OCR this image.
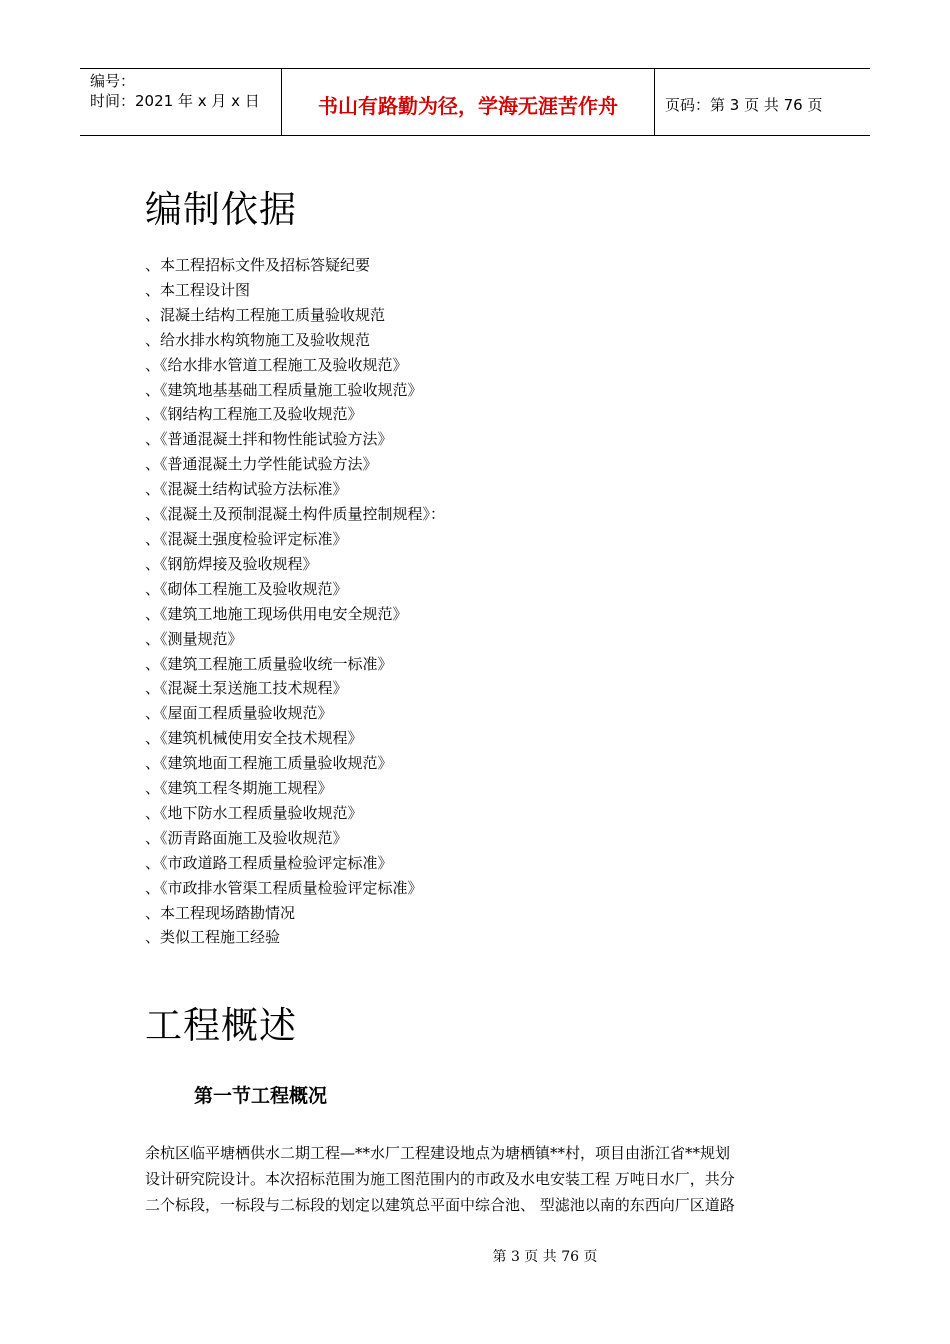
编号：
时间：2021 年 x 月 x 日	书山有路勤为径，学海无涯苦作舟	页码：第 3 页 共 76 页
编制依据
、本工程招标文件及招标答疑纪要
、本工程设计图
、混凝土结构工程施工质量验收规范
、给水排水构筑物施工及验收规范
、《给水排水管道工程施工及验收规范》
、《建筑地基基础工程质量施工验收规范》
、《钢结构工程施工及验收规范》
、《普通混凝土拌和物性能试验方法》
、《普通混凝土力学性能试验方法》
、《混凝土结构试验方法标准》
、《混凝土及预制混凝土构件质量控制规程》：
、《混凝土强度检验评定标准》
、《钢筋焊接及验收规程》
、《砌体工程施工及验收规范》
、《建筑工地施工现场供用电安全规范》
、《测量规范》
、《建筑工程施工质量验收统一标准》
、《混凝土泵送施工技术规程》
、《屋面工程质量验收规范》
、《建筑机械使用安全技术规程》
、《建筑地面工程施工质量验收规范》
、《建筑工程冬期施工规程》
、《地下防水工程质量验收规范》
、《沥青路面施工及验收规范》
、《市政道路工程质量检验评定标准》
、《市政排水管渠工程质量检验评定标准》
、本工程现场踏勘情况
、类似工程施工经验
工程概述
第一节工程概况

余杭区临平塘栖供水二期工程—**水厂工程建设地点为塘栖镇**村，项目由浙江省**规划
设计研究院设计。本次招标范围为施工图范围内的市政及水电安装工程 万吨日水厂，共分
二个标段，一标段与二标段的划定以建筑总平面中综合池、 型滤池以南的东西向厂区道路

第 3 页 共 76 页
